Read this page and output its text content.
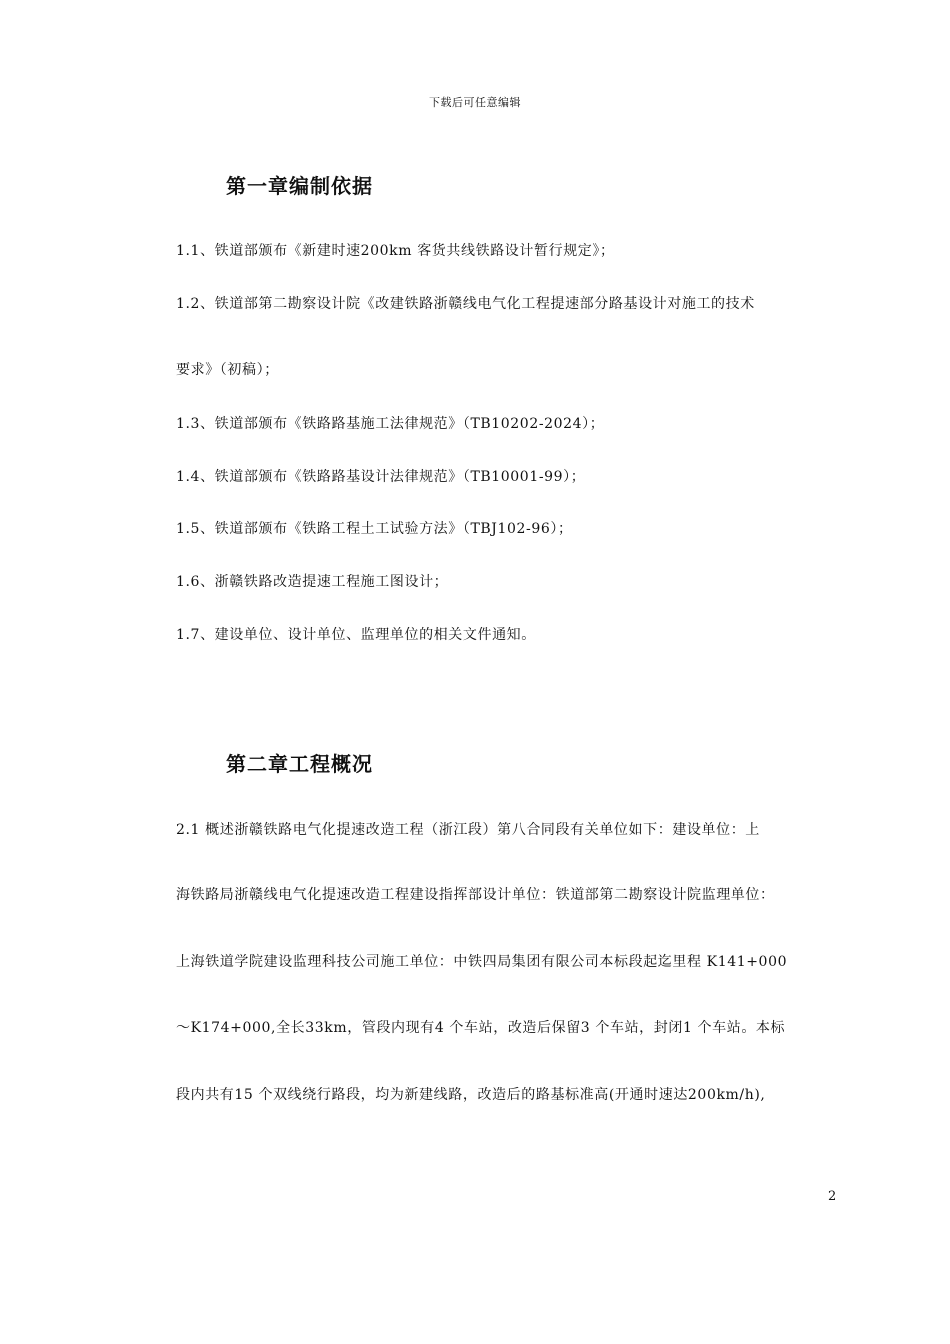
下载后可任意编辑
第一章编制依据
1.1、铁道部颁布《新建时速200km 客货共线铁路设计暂行规定》；
1.2、铁道部第二勘察设计院《改建铁路浙赣线电气化工程提速部分路基设计对施工的技术
要求》（初稿）；
1.3、铁道部颁布《铁路路基施工法律规范》（TB10202-2024）；
1.4、铁道部颁布《铁路路基设计法律规范》（TB10001-99）；
1.5、铁道部颁布《铁路工程土工试验方法》（TBJ102-96）；
1.6、浙赣铁路改造提速工程施工图设计；
1.7、建设单位、设计单位、监理单位的相关文件通知。
第二章工程概况
2.1 概述浙赣铁路电气化提速改造工程（浙江段）第八合同段有关单位如下：建设单位：上
海铁路局浙赣线电气化提速改造工程建设指挥部设计单位：铁道部第二勘察设计院监理单位：
上海铁道学院建设监理科技公司施工单位：中铁四局集团有限公司本标段起迄里程 K141+000
～K174+000,全长33km，管段内现有4 个车站，改造后保留3 个车站，封闭1 个车站。本标
段内共有15 个双线绕行路段，均为新建线路，改造后的路基标准高(开通时速达200km/h),
2
